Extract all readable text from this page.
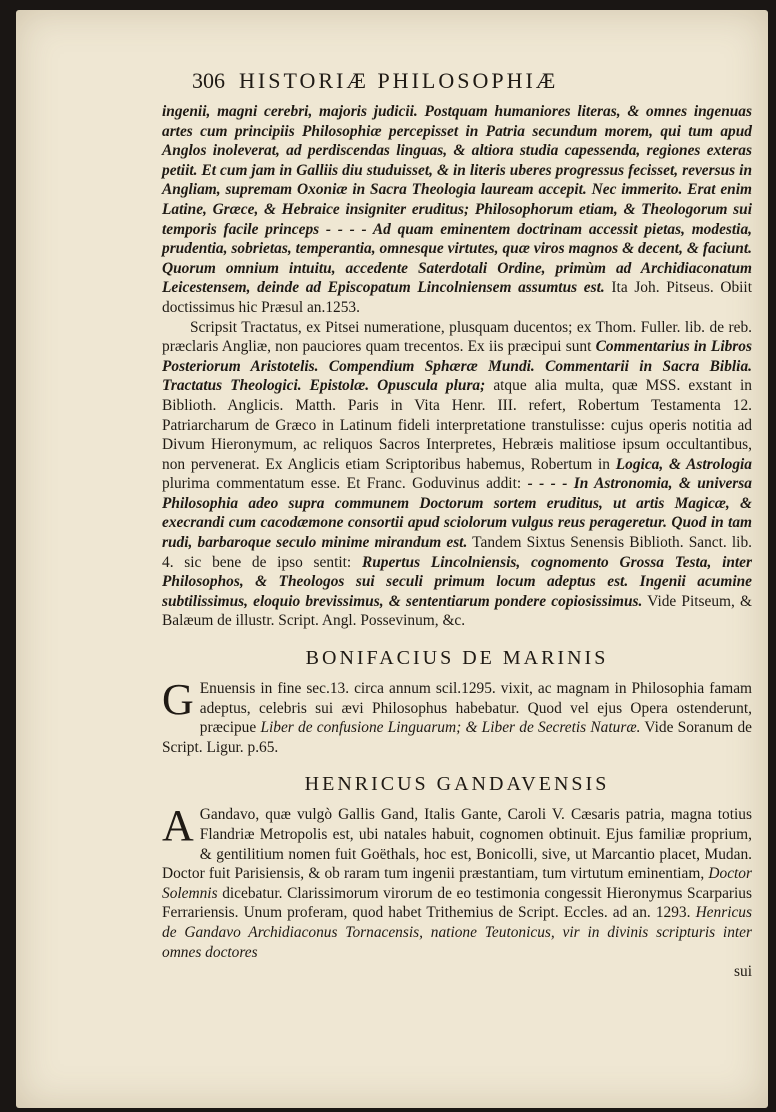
306 HISTORIÆ PHILOSOPHIÆ

ingenii, magni cerebri, majoris judicii. Postquam humaniores literas, & omnes ingenuas artes cum principiis Philosophiæ percepisset in Patria secundum morem, qui tum apud Anglos inoleverat, ad perdiscendas linguas, & altiora studia capessenda, regiones exteras petiit. Et cum jam in Galliis diu studuisset, & in literis uberes progressus fecisset, reversus in Angliam, supremam Oxoniæ in Sacra Theologia lauream accepit. Nec immerito. Erat enim Latine, Græce, & Hebraice insigniter eruditus; Philosophorum etiam, & Theologorum sui temporis facile princeps - - - - Ad quam eminentem doctrinam accessit pietas, modestia, prudentia, sobrietas, temperantia, omnesque virtutes, quæ viros magnos & decent, & faciunt. Quorum omnium intuitu, accedente Saterdotali Ordine, primùm ad Archidiaconatum Leicestensem, deinde ad Episcopatum Lincolniensem assumtus est. Ita Joh. Pitseus. Obiit doctissimus hic Præsul an.1253.

Scripsit Tractatus, ex Pitsei numeratione, plusquam ducentos; ex Thom. Fuller. lib. de reb. præclaris Angliæ, non pauciores quam trecentos. Ex iis præcipui sunt Commentarius in Libros Posteriorum Aristotelis. Compendium Sphæræ Mundi. Commentarii in Sacra Biblia. Tractatus Theologici. Epistolæ. Opuscula plura; atque alia multa, quæ MSS. exstant in Biblioth. Anglicis. Matth. Paris in Vita Henr. III. refert, Robertum Testamenta 12. Patriarcharum de Græco in Latinum fideli interpretatione transtulisse: cujus operis notitia ad Divum Hieronymum, ac reliquos Sacros Interpretes, Hebræis malitiose ipsum occultantibus, non pervenerat. Ex Anglicis etiam Scriptoribus habemus, Robertum in Logica, & Astrologia plurima commentatum esse. Et Franc. Goduvinus addit: - - - - In Astronomia, & universa Philosophia adeo supra communem Doctorum sortem eruditus, ut artis Magicæ, & execrandi cum cacodæmone consortii apud sciolorum vulgus reus perageretur. Quod in tam rudi, barbaroque seculo minime mirandum est. Tandem Sixtus Senensis Biblioth. Sanct. lib. 4. sic bene de ipso sentit: Rupertus Lincolniensis, cognomento Grossa Testa, inter Philosophos, & Theologos sui seculi primum locum adeptus est. Ingenii acumine subtilissimus, eloquio brevissimus, & sententiarum pondere copiosissimus. Vide Pitseum, & Balæum de illustr. Script. Angl. Possevinum, &c.

BONIFACIUS DE MARINIS

G Enuensis in fine sec.13. circa annum scil.1295. vixit, ac magnam in Philosophia famam adeptus, celebris sui ævi Philosophus habebatur. Quod vel ejus Opera ostenderunt, præcipue Liber de confusione Linguarum; & Liber de Secretis Naturæ. Vide Soranum de Script. Ligur. p.65.

HENRICUS GANDAVENSIS

A Gandavo, quæ vulgò Gallis Gand, Italis Gante, Caroli V. Cæsaris patria, magna totius Flandriæ Metropolis est, ubi natales habuit, cognomen obtinuit. Ejus familiæ proprium, & gentilitium nomen fuit Goëthals, hoc est, Bonicolli, sive, ut Marcantio placet, Mudan. Doctor fuit Parisiensis, & ob raram tum ingenii præstantiam, tum virtutum eminentiam, Doctor Solemnis dicebatur. Clarissimorum virorum de eo testimonia congessit Hieronymus Scarparius Ferrariensis. Unum proferam, quod habet Trithemius de Script. Eccles. ad an. 1293. Henricus de Gandavo Archidiaconus Tornacensis, natione Teutonicus, vir in divinis scripturis inter omnes doctores

sui
